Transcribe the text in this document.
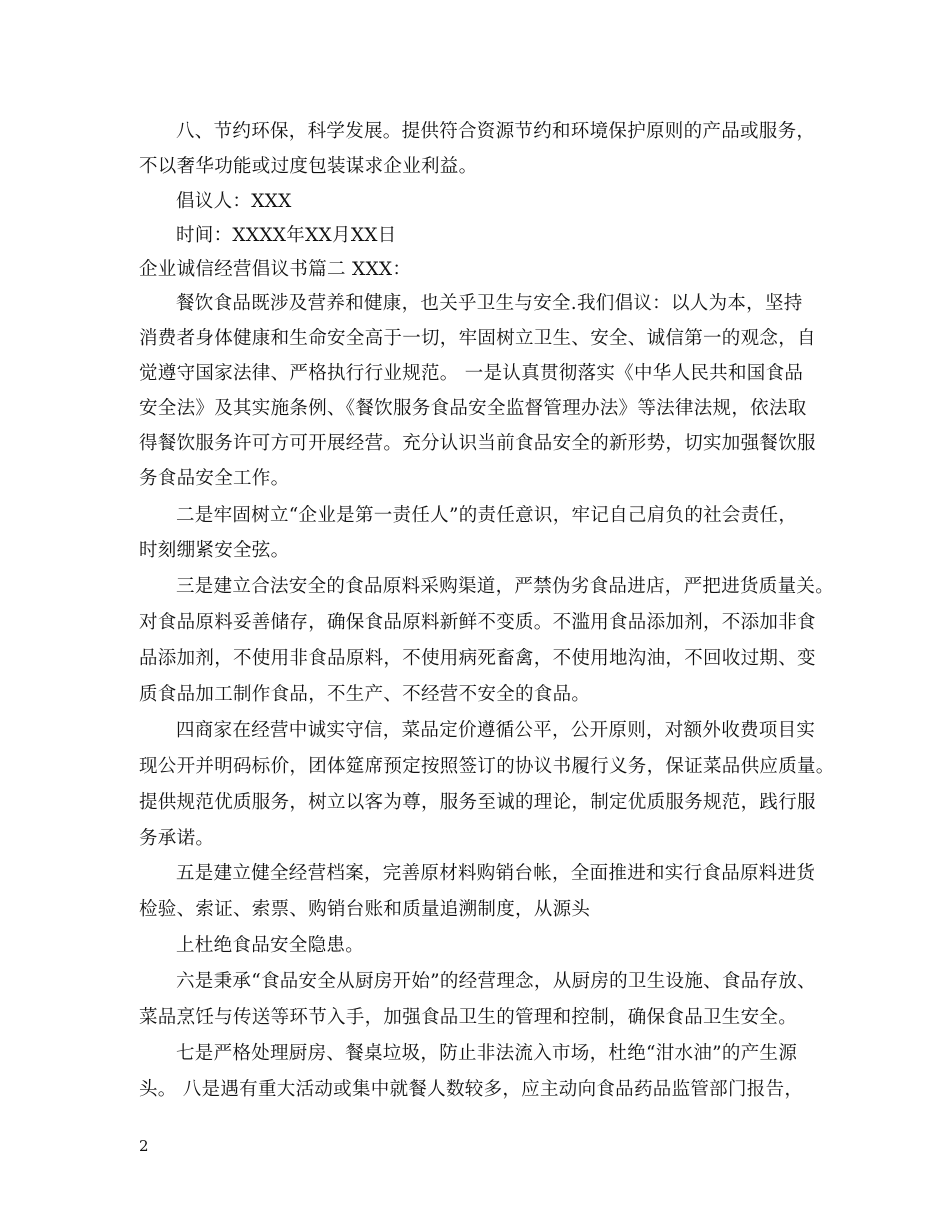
八、节约环保，科学发展。提供符合资源节约和环境保护原则的产品或服务，
不以奢华功能或过度包装谋求企业利益。
倡议人：XXX
时间：XXXX年XX月XX日
企业诚信经营倡议书篇二 XXX：
餐饮食品既涉及营养和健康，也关乎卫生与安全.我们倡议：以人为本，坚持
消费者身体健康和生命安全高于一切，牢固树立卫生、安全、诚信第一的观念，自
觉遵守国家法律、严格执行行业规范。 一是认真贯彻落实《中华人民共和国食品
安全法》及其实施条例、《餐饮服务食品安全监督管理办法》等法律法规，依法取
得餐饮服务许可方可开展经营。充分认识当前食品安全的新形势，切实加强餐饮服
务食品安全工作。
二是牢固树立“企业是第一责任人”的责任意识，牢记自己肩负的社会责任，
时刻绷紧安全弦。
三是建立合法安全的食品原料采购渠道，严禁伪劣食品进店，严把进货质量关。
对食品原料妥善储存，确保食品原料新鲜不变质。不滥用食品添加剂，不添加非食
品添加剂，不使用非食品原料，不使用病死畜禽，不使用地沟油，不回收过期、变
质食品加工制作食品，不生产、不经营不安全的食品。
四商家在经营中诚实守信，菜品定价遵循公平，公开原则，对额外收费项目实
现公开并明码标价，团体筵席预定按照签订的协议书履行义务，保证菜品供应质量。
提供规范优质服务，树立以客为尊，服务至诚的理论，制定优质服务规范，践行服
务承诺。
五是建立健全经营档案，完善原材料购销台帐，全面推进和实行食品原料进货
检验、索证、索票、购销台账和质量追溯制度，从源头
上杜绝食品安全隐患。
六是秉承“食品安全从厨房开始”的经营理念，从厨房的卫生设施、食品存放、
菜品烹饪与传送等环节入手，加强食品卫生的管理和控制，确保食品卫生安全。
七是严格处理厨房、餐桌垃圾，防止非法流入市场，杜绝“泔水油”的产生源
头。 八是遇有重大活动或集中就餐人数较多，应主动向食品药品监管部门报告，
2
